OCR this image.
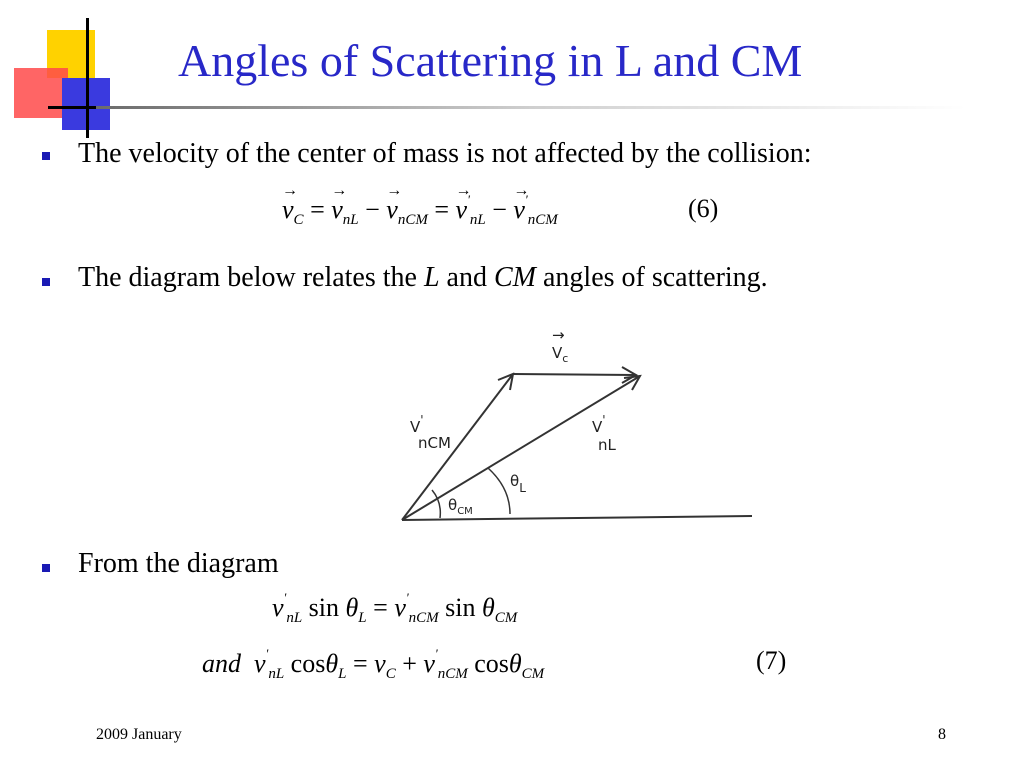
Angles of Scattering in L and CM

The velocity of the center of mass is not affected by the collision:

→ $v_C$ = → $v_{nL}$ − → $v_{nCM}$ = → $v'_{nL}$ − → $v'_{nCM}$	(6)

The diagram below relates the L and CM angles of scattering.

$V_c$
→
V'
nCM
V'
nL
$\theta_L$
$\theta_{CM}$

From the diagram

$v'_{nL}$ $\sin \theta_L = v'_{nCM}$ $\sin \theta_{CM}$
and $v'_{nL}$ $\cos\theta_L = v_C + v'_{nCM}$ cosθ$_{CM}$	(7)
2009 January	8
